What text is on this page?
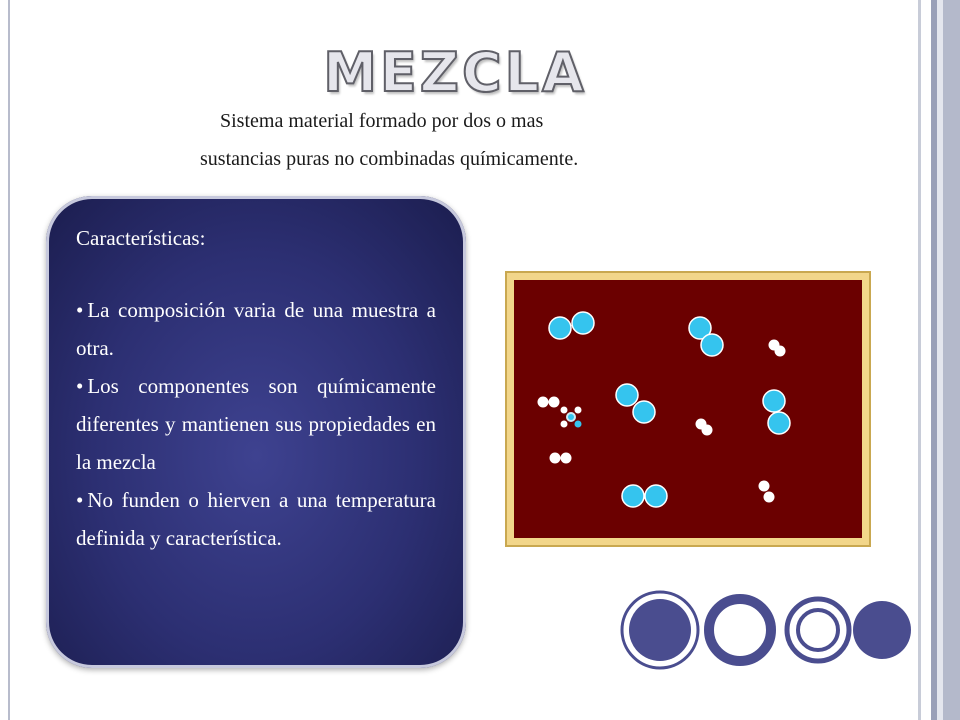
MEZCLA
Sistema material formado por dos o mas
sustancias puras no combinadas químicamente.
Características:
• La composición varia de una muestra a otra.
• Los componentes son químicamente diferentes y mantienen sus propiedades en la mezcla
• No funden o hierven a una temperatura definida y característica.
